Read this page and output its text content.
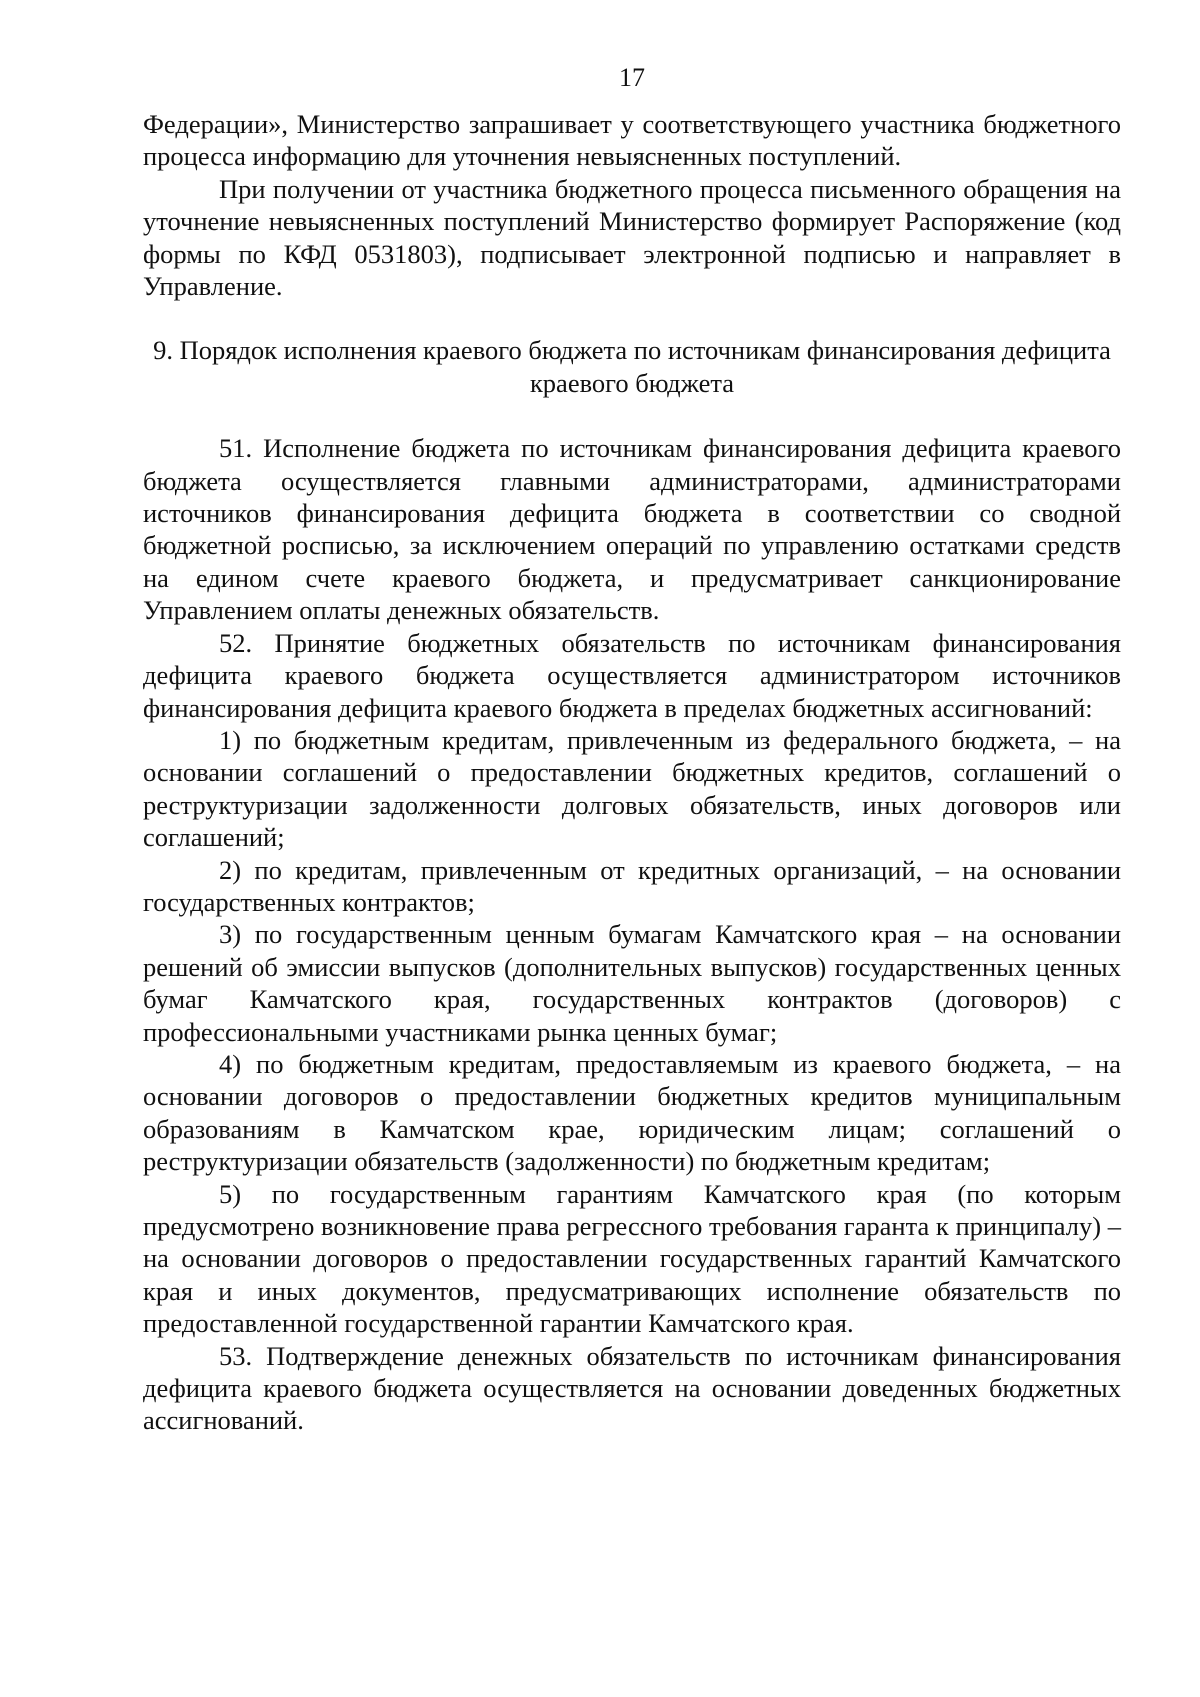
17

Федерации», Министерство запрашивает у соответствующего участника бюджетного процесса информацию для уточнения невыясненных поступлений.

При получении от участника бюджетного процесса письменного обращения на уточнение невыясненных поступлений Министерство формирует Распоряжение (код формы по КФД 0531803), подписывает электронной подписью и направляет в Управление.

9. Порядок исполнения краевого бюджета по источникам финансирования дефицита краевого бюджета

51. Исполнение бюджета по источникам финансирования дефицита краевого бюджета осуществляется главными администраторами, администраторами источников финансирования дефицита бюджета в соответствии со сводной бюджетной росписью, за исключением операций по управлению остатками средств на едином счете краевого бюджета, и предусматривает санкционирование Управлением оплаты денежных обязательств.

52. Принятие бюджетных обязательств по источникам финансирования дефицита краевого бюджета осуществляется администратором источников финансирования дефицита краевого бюджета в пределах бюджетных ассигнований:

1) по бюджетным кредитам, привлеченным из федерального бюджета, – на основании соглашений о предоставлении бюджетных кредитов, соглашений о реструктуризации задолженности долговых обязательств, иных договоров или соглашений;

2) по кредитам, привлеченным от кредитных организаций, – на основании государственных контрактов;

3) по государственным ценным бумагам Камчатского края – на основании решений об эмиссии выпусков (дополнительных выпусков) государственных ценных бумаг Камчатского края, государственных контрактов (договоров) с профессиональными участниками рынка ценных бумаг;

4) по бюджетным кредитам, предоставляемым из краевого бюджета, – на основании договоров о предоставлении бюджетных кредитов муниципальным образованиям в Камчатском крае, юридическим лицам; соглашений о реструктуризации обязательств (задолженности) по бюджетным кредитам;

5) по государственным гарантиям Камчатского края (по которым предусмотрено возникновение права регрессного требования гаранта к принципалу) – на основании договоров о предоставлении государственных гарантий Камчатского края и иных документов, предусматривающих исполнение обязательств по предоставленной государственной гарантии Камчатского края.

53. Подтверждение денежных обязательств по источникам финансирования дефицита краевого бюджета осуществляется на основании доведенных бюджетных ассигнований.
